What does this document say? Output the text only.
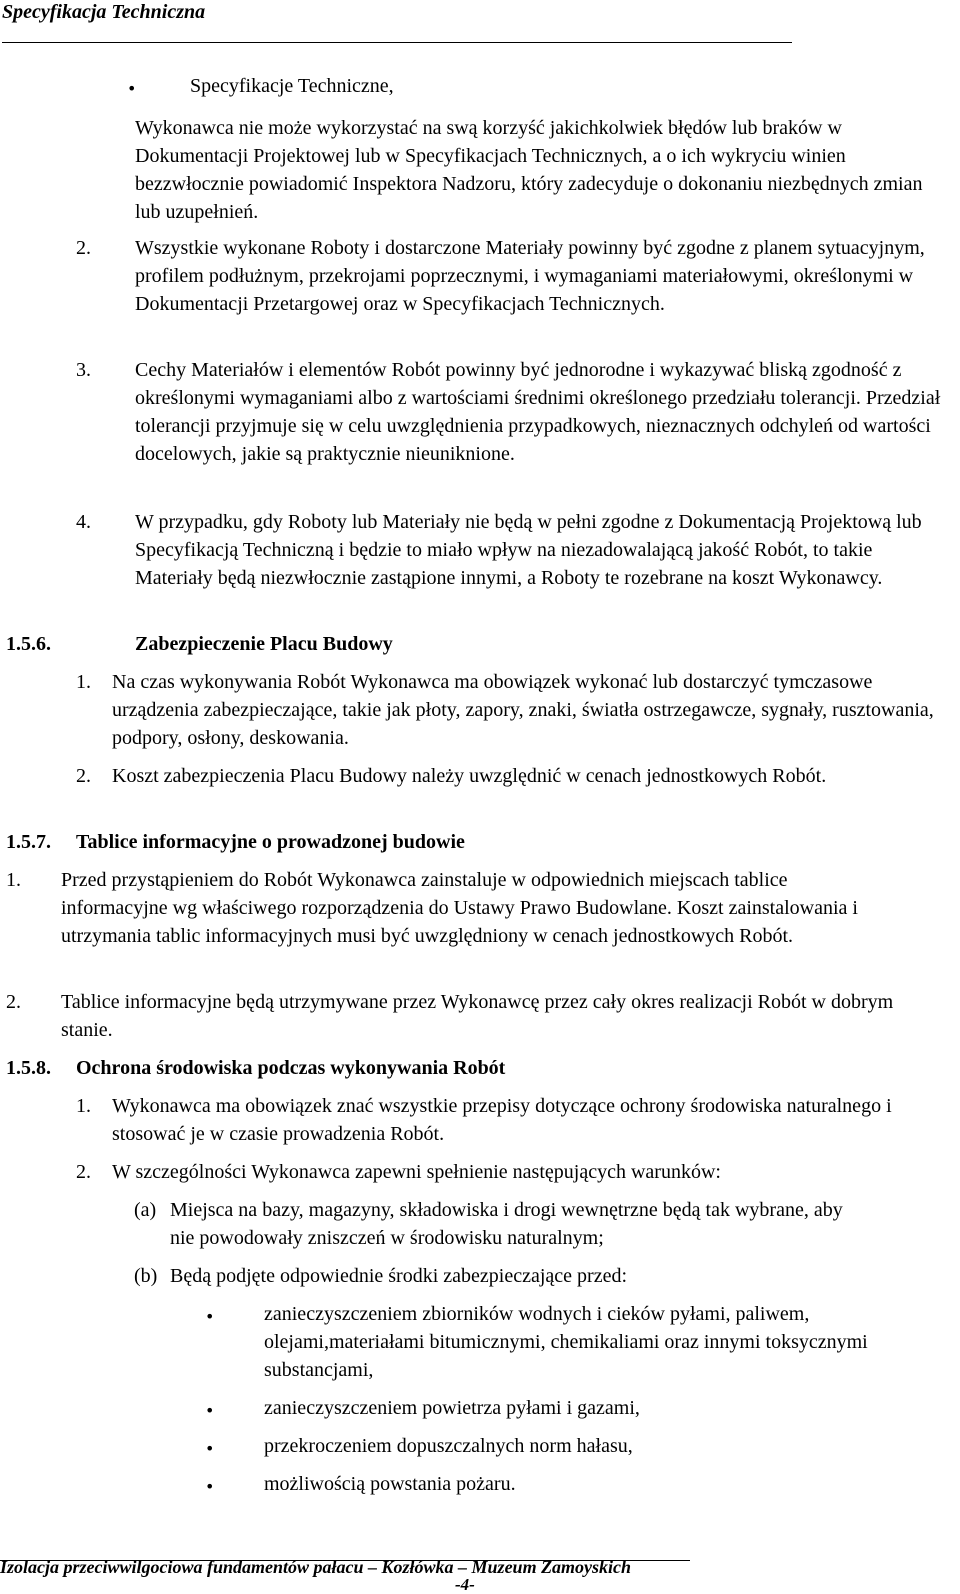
Specyfikacja Techniczna
•	Specyfikacje Techniczne,
Wykonawca nie może wykorzystać na swą korzyść jakichkolwiek błędów lub braków w Dokumentacji Projektowej lub w Specyfikacjach Technicznych, a o ich wykryciu winien bezzwłocznie powiadomić Inspektora Nadzoru, który zadecyduje o dokonaniu niezbędnych zmian lub uzupełnień.
2. Wszystkie wykonane Roboty i dostarczone Materiały powinny być zgodne z planem sytuacyjnym, profilem podłużnym, przekrojami poprzecznymi, i wymaganiami materiałowymi, określonymi w Dokumentacji Przetargowej oraz w Specyfikacjach Technicznych.
3. Cechy Materiałów i elementów Robót powinny być jednorodne i wykazywać bliską zgodność z określonymi wymaganiami albo z wartościami średnimi określonego przedziału tolerancji. Przedział tolerancji przyjmuje się w celu uwzględnienia przypadkowych, nieznacznych odchyleń od wartości docelowych, jakie są praktycznie nieuniknione.
4. W przypadku, gdy Roboty lub Materiały nie będą w pełni zgodne z Dokumentacją Projektową lub Specyfikacją Techniczną i będzie to miało wpływ na niezadowalającą jakość Robót, to takie Materiały będą niezwłocznie zastąpione innymi, a Roboty te rozebrane na koszt Wykonawcy.
1.5.6.	Zabezpieczenie Placu Budowy
1. Na czas wykonywania Robót Wykonawca ma obowiązek wykonać lub dostarczyć tymczasowe urządzenia zabezpieczające, takie jak płoty, zapory, znaki, światła ostrzegawcze, sygnały, rusztowania, podpory, osłony, deskowania.
2. Koszt zabezpieczenia Placu Budowy należy uwzględnić w cenach jednostkowych Robót.
1.5.7. Tablice informacyjne o prowadzonej budowie
1. Przed przystąpieniem do Robót Wykonawca zainstaluje w odpowiednich miejscach tablice informacyjne wg właściwego rozporządzenia do Ustawy Prawo Budowlane. Koszt zainstalowania i utrzymania tablic informacyjnych musi być uwzględniony w cenach jednostkowych Robót.
2. Tablice informacyjne będą utrzymywane przez Wykonawcę przez cały okres realizacji Robót w dobrym stanie.
1.5.8. Ochrona środowiska podczas wykonywania Robót
1. Wykonawca ma obowiązek znać wszystkie przepisy dotyczące ochrony środowiska naturalnego i stosować je w czasie prowadzenia Robót.
2. W szczególności Wykonawca zapewni spełnienie następujących warunków:
(a) Miejsca na bazy, magazyny, składowiska i drogi wewnętrzne będą tak wybrane, aby nie powodowały zniszczeń w środowisku naturalnym;
(b) Będą podjęte odpowiednie środki zabezpieczające przed:
• zanieczyszczeniem zbiorników wodnych i cieków pyłami, paliwem, olejami,materiałami bitumicznymi, chemikaliami oraz innymi toksycznymi substancjami,
• zanieczyszczeniem powietrza pyłami i gazami,
• przekroczeniem dopuszczalnych norm hałasu,
• możliwością powstania pożaru.
Izolacja przeciwwilgociowa fundamentów pałacu – Kozłówka – Muzeum Zamoyskich
-4-
